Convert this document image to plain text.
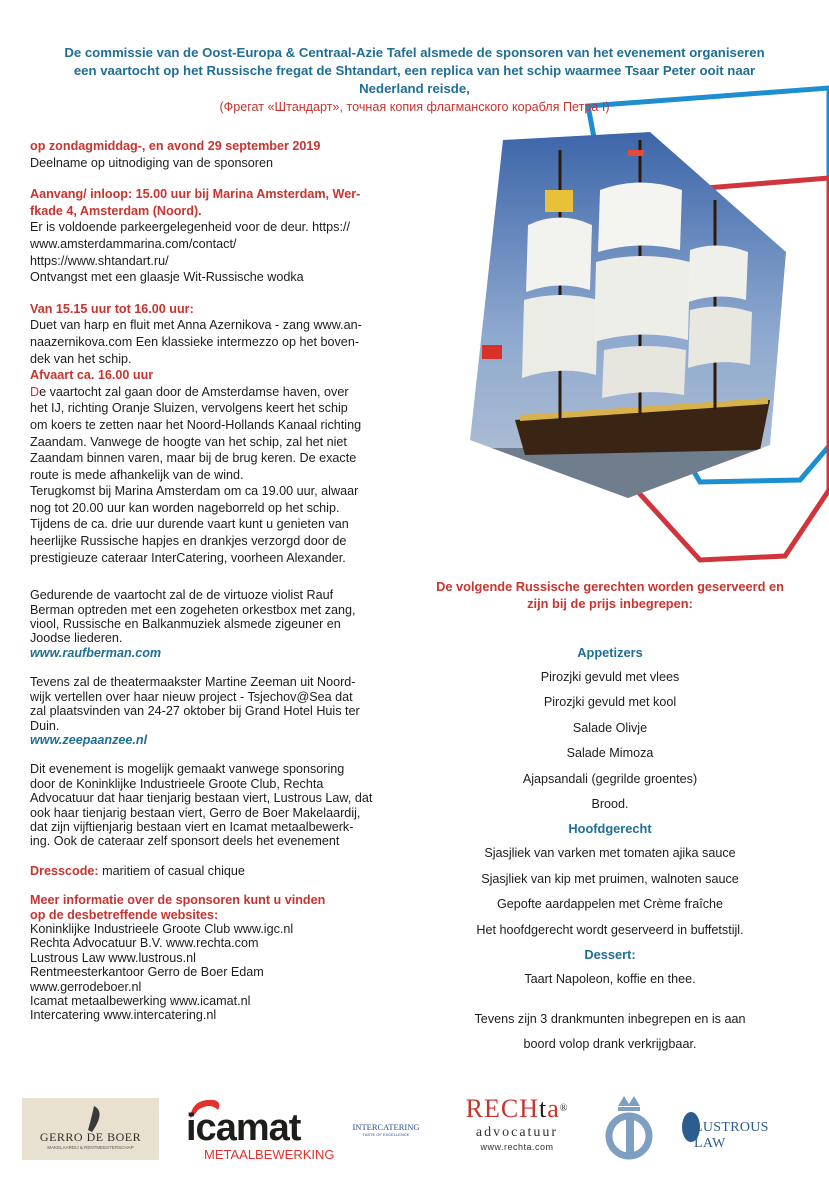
De commissie van de Oost-Europa & Centraal-Azie Tafel alsmede de sponsoren van het evenement organiseren
een vaartocht op het Russische fregat de Shtandart, een replica van het schip waarmee Tsaar Peter ooit naar
Nederland reisde,
(Фрегат «Штандарт», точная копия флагманского корабля Петра I)

op zondagmiddag-, en avond 29 september 2019

Deelname op uitnodiging van de sponsoren

Aanvang/ inloop: 15.00 uur bij Marina Amsterdam, Wer-

fkade 4, Amsterdam (Noord).

Er is voldoende parkeergelegenheid voor de deur. https://

www.amsterdammarina.com/contact/

https://www.shtandart.ru/

Ontvangst met een glaasje Wit-Russische wodka

Van 15.15 uur tot 16.00 uur:

Duet van harp en fluit met Anna Azernikova - zang www.an-

naazernikova.com Een klassieke intermezzo op het boven-

dek van het schip.

Afvaart ca. 16.00 uur

De vaartocht zal gaan door de Amsterdamse haven, over

het IJ, richting Oranje Sluizen, vervolgens keert het schip

om koers te zetten naar het Noord-Hollands Kanaal richting

Zaandam. Vanwege de hoogte van het schip, zal het niet

Zaandam binnen varen, maar bij de brug keren. De exacte

route is mede afhankelijk van de wind.

Terugkomst bij Marina Amsterdam om ca 19.00 uur, alwaar

nog tot 20.00 uur kan worden nageborreld op het schip.

Tijdens de ca. drie uur durende vaart kunt u genieten van

heerlijke Russische hapjes en drankjes verzorgd door de

prestigieuze cateraar InterCatering, voorheen Alexander.

Gedurende de vaartocht zal de de virtuoze violist Rauf

Berman optreden met een zogeheten orkestbox met zang,

viool, Russische en Balkanmuziek alsmede zigeuner en

Joodse liederen.

www.raufberman.com

Tevens zal de theatermaakster Martine Zeeman uit Noord-

wijk vertellen over haar nieuw project - Tsjechov@Sea dat

zal plaatsvinden van 24-27 oktober bij Grand Hotel Huis ter

Duin.

www.zeepaanzee.nl

Dit evenement is mogelijk gemaakt vanwege sponsoring

door de Koninklijke Industrieele Groote Club, Rechta

Advocatuur dat haar tienjarig bestaan viert, Lustrous Law, dat

ook haar tienjarig bestaan viert, Gerro de Boer Makelaardij,

dat zijn vijftienjarig bestaan viert en Icamat metaalbewerk-

ing. Ook de cateraar zelf sponsort deels het evenement

Dresscode: maritiem of casual chique

Meer informatie over de sponsoren kunt u vinden

op de desbetreffende websites:

Koninklijke Industrieele Groote Club www.igc.nl

Rechta Advocatuur B.V. www.rechta.com

Lustrous Law www.lustrous.nl

Rentmeesterkantoor Gerro de Boer Edam

www.gerrodeboer.nl

Icamat metaalbewerking www.icamat.nl

Intercatering www.intercatering.nl

De volgende Russische gerechten worden geserveerd en
zijn bij de prijs inbegrepen:
Appetizers
Pirozjki gevuld met vlees
Pirozjki gevuld met kool
Salade Olivje
Salade Mimoza
Ajapsandali (gegrilde groentes)
Brood.
Hoofdgerecht
Sjasjliek van varken met tomaten ajika sauce
Sjasjliek van kip met pruimen, walnoten sauce
Gepofte aardappelen met Crème fraîche
Het hoofdgerecht wordt geserveerd in buffetstijl.
Dessert:
Taart Napoleon, koffie en thee.
Tevens zijn 3 drankmunten inbegrepen en is aan
boord volop drank verkrijgbaar.
GERRO DE BOER
MAKELAARDIJ & RENTMEESTERSCHAP	icamat
METAALBEWERKING
INTERCATERING
TASTE OF EXCELLENCE
RECHta®
advocatuur
www.rechta.com
LUSTROUS LAW
